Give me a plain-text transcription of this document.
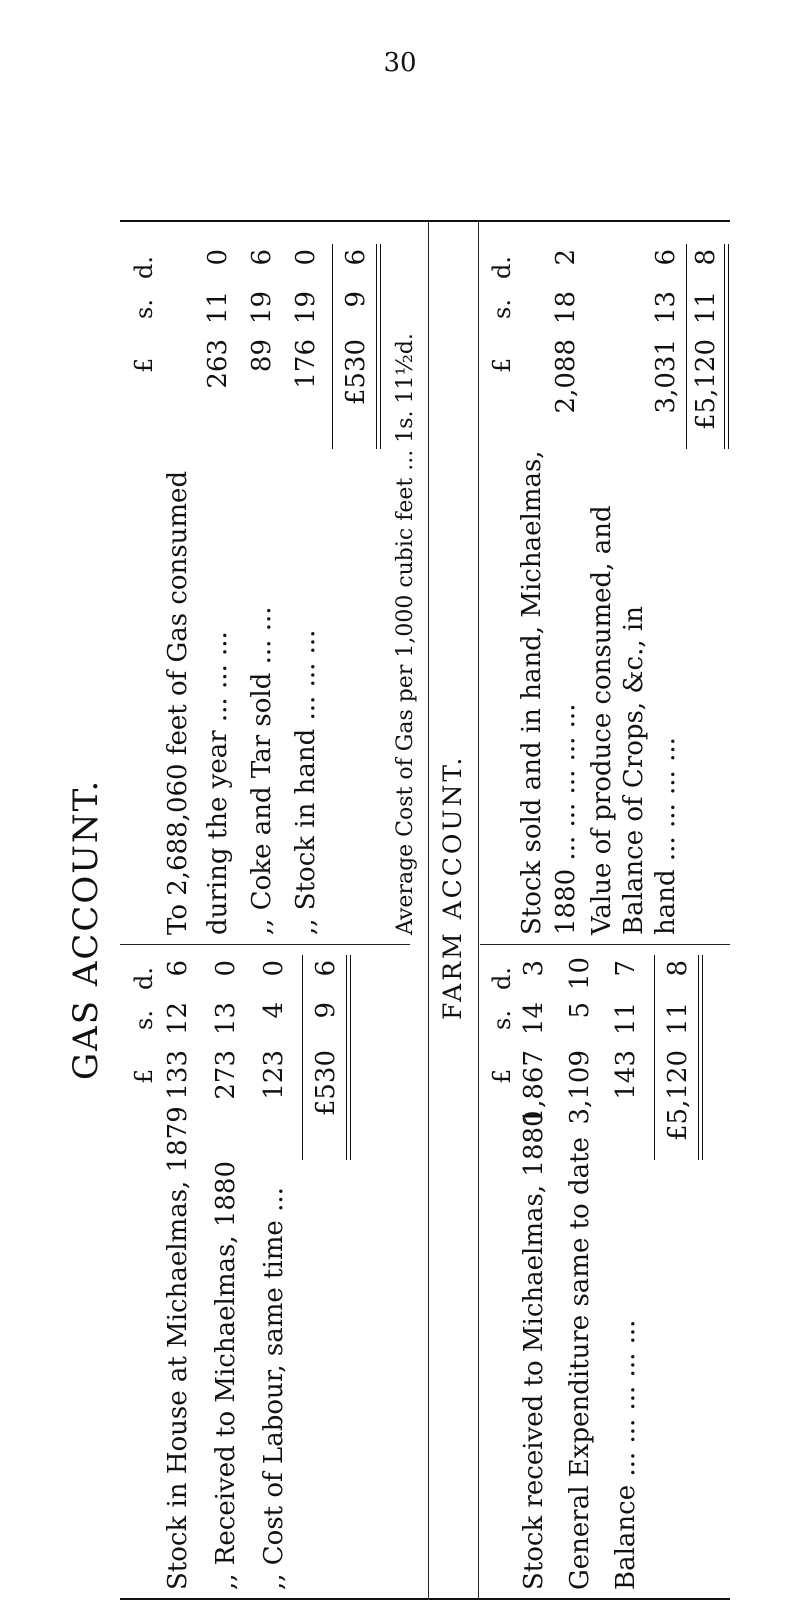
30
GAS ACCOUNT. £
s.
d.
Stock in House at Michaelmas, 1879
133
12
6
,, Received to Michaelmas, 1880
273
13
0
,, Cost of Labour, same time ...
123
4
0
£530
9
6
£
s.
d.
To 2,688,060 feet of Gas consumed during the year ... ... ...
263
11
0
,, Coke and Tar sold ... ...
89
19
6
,, Stock in hand ... ... ...
176
19
0
£530
9
6
Average Cost of Gas per 1,000 cubic feet ... 1s. 11½d. FARM ACCOUNT.
£
s.
d.
Stock received to Michaelmas, 1880
1,867
14
3
General Expenditure same to date
3,109
5
10
Balance ... ... ... ... ...
143
11
7
£5,120
11
8
£
s.
d.
Stock sold and in hand, Michaelmas, 1880 ... ... ... ... ...
2,088
18
2
Value of produce consumed, and Balance of Crops, &c., in hand ... ... ... ...
3,031
13
6
£5,120
11
8
